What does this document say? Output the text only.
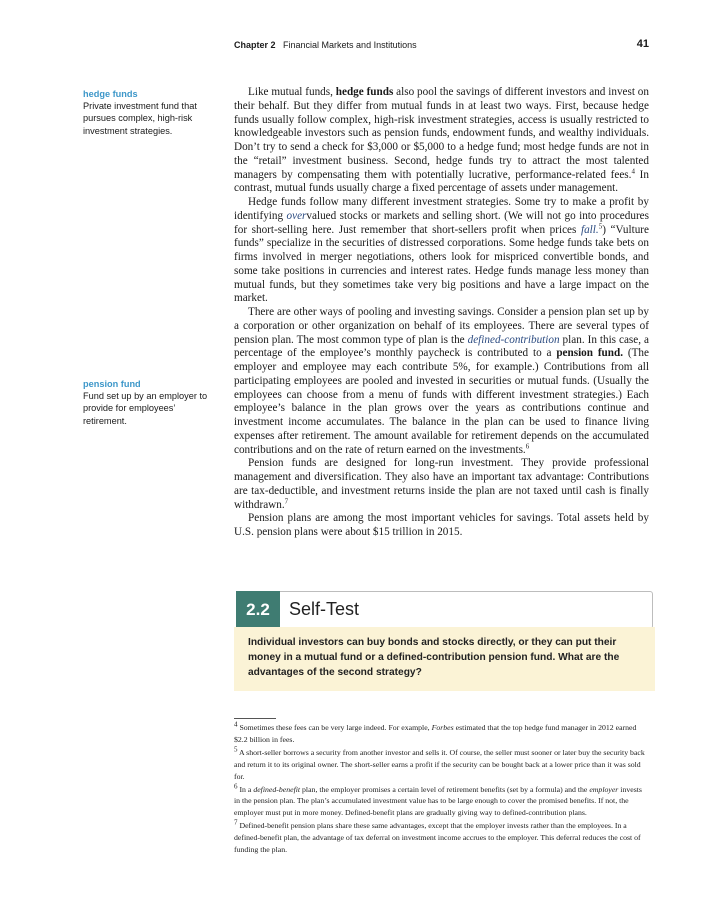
Chapter 2 Financial Markets and Institutions	41
hedge funds
Private investment fund that pursues complex, high-risk investment strategies.
pension fund
Fund set up by an employer to provide for employees’ retirement.

Like mutual funds, hedge funds also pool the savings of different investors and invest on their behalf. But they differ from mutual funds in at least two ways. First, because hedge funds usually follow complex, high-risk investment strategies, access is usually restricted to knowledgeable investors such as pension funds, endowment funds, and wealthy individuals. Don’t try to send a check for $3,000 or $5,000 to a hedge fund; most hedge funds are not in the “retail” investment business. Second, hedge funds try to attract the most talented managers by compensating them with potentially lucrative, performance-related fees.$^4$ In contrast, mutual funds usually charge a fixed percentage of assets under management.

Hedge funds follow many different investment strategies. Some try to make a profit by identifying overvalued stocks or markets and selling short. (We will not go into procedures for short-selling here. Just remember that short-sellers profit when prices fall.$^5$) “Vulture funds” specialize in the securities of distressed corporations. Some hedge funds take bets on firms involved in merger negotiations, others look for mispriced convertible bonds, and some take positions in currencies and interest rates. Hedge funds manage less money than mutual funds, but they sometimes take very big positions and have a large impact on the market.

There are other ways of pooling and investing savings. Consider a pension plan set up by a corporation or other organization on behalf of its employees. There are several types of pension plan. The most common type of plan is the defined-contribution plan. In this case, a percentage of the employee’s monthly paycheck is contributed to a pension fund. (The employer and employee may each contribute 5%, for example.) Contributions from all participating employees are pooled and invested in securities or mutual funds. (Usually the employees can choose from a menu of funds with different investment strategies.) Each employee’s balance in the plan grows over the years as contributions continue and investment income accumulates. The balance in the plan can be used to finance living expenses after retirement. The amount available for retirement depends on the accumulated contributions and on the rate of return earned on the investments.$^6$

Pension funds are designed for long-run investment. They provide professional management and diversification. They also have an important tax advantage: Contributions are tax-deductible, and investment returns inside the plan are not taxed until cash is finally withdrawn.$^7$

Pension plans are among the most important vehicles for savings. Total assets held by U.S. pension plans were about $15 trillion in 2015.

2.2	Self-Test
Individual investors can buy bonds and stocks directly, or they can put their money in a mutual fund or a defined-contribution pension fund. What are the advantages of the second strategy?

$^4$ Sometimes these fees can be very large indeed. For example, Forbes estimated that the top hedge fund manager in 2012 earned $2.2 billion in fees.

$^5$ A short-seller borrows a security from another investor and sells it. Of course, the seller must sooner or later buy the security back and return it to its original owner. The short-seller earns a profit if the security can be bought back at a lower price than it was sold for.

$^6$ In a defined-benefit plan, the employer promises a certain level of retirement benefits (set by a formula) and the employer invests in the pension plan. The plan’s accumulated investment value has to be large enough to cover the promised benefits. If not, the employer must put in more money. Defined-benefit plans are gradually giving way to defined-contribution plans.

$^7$ Defined-benefit pension plans share these same advantages, except that the employer invests rather than the employees. In a defined-benefit plan, the advantage of tax deferral on investment income accrues to the employer. This deferral reduces the cost of funding the plan.
